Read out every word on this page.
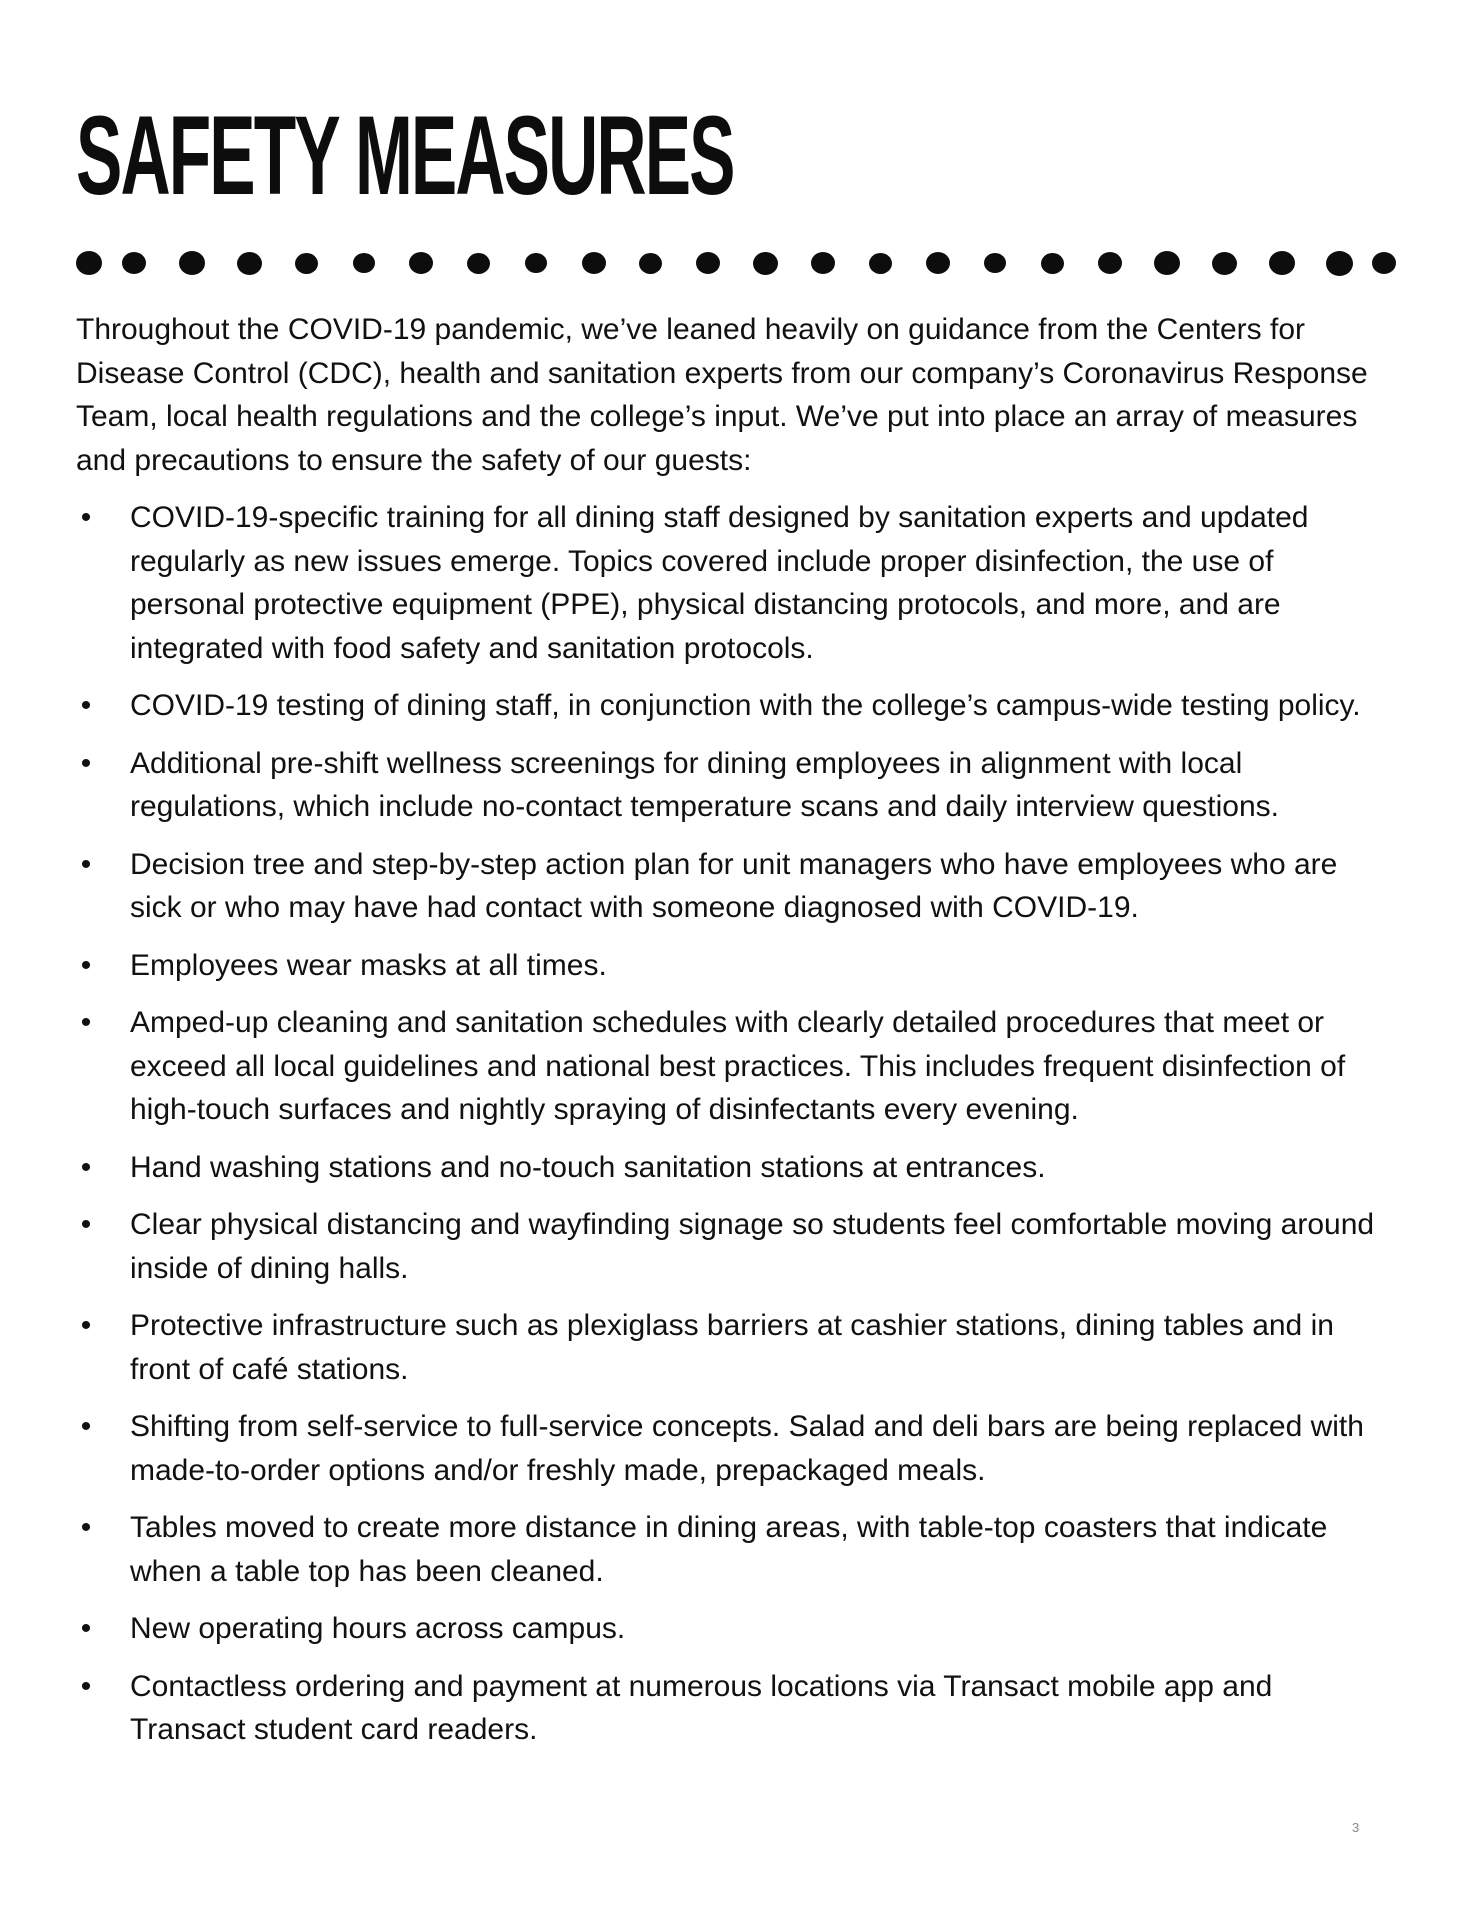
SAFETY MEASURES

Throughout the COVID-19 pandemic, we’ve leaned heavily on guidance from the Centers for Disease Control (CDC), health and sanitation experts from our company’s Coronavirus Response Team, local health regulations and the college’s input. We’ve put into place an array of measures and precautions to ensure the safety of our guests:

• COVID-19-specific training for all dining staff designed by sanitation experts and updated regularly as new issues emerge. Topics covered include proper disinfection, the use of personal protective equipment (PPE), physical distancing protocols, and more, and are integrated with food safety and sanitation protocols.
• COVID-19 testing of dining staff, in conjunction with the college’s campus-wide testing policy.
• Additional pre-shift wellness screenings for dining employees in alignment with local regulations, which include no-contact temperature scans and daily interview questions.
• Decision tree and step-by-step action plan for unit managers who have employees who are sick or who may have had contact with someone diagnosed with COVID-19.
• Employees wear masks at all times.
• Amped-up cleaning and sanitation schedules with clearly detailed procedures that meet or exceed all local guidelines and national best practices. This includes frequent disinfection of high-touch surfaces and nightly spraying of disinfectants every evening.
• Hand washing stations and no-touch sanitation stations at entrances.
• Clear physical distancing and wayfinding signage so students feel comfortable moving around inside of dining halls.
• Protective infrastructure such as plexiglass barriers at cashier stations, dining tables and in front of café stations.
• Shifting from self-service to full-service concepts. Salad and deli bars are being replaced with made-to-order options and/or freshly made, prepackaged meals.
• Tables moved to create more distance in dining areas, with table-top coasters that indicate when a table top has been cleaned.
• New operating hours across campus.
• Contactless ordering and payment at numerous locations via Transact mobile app and Transact student card readers.
3
